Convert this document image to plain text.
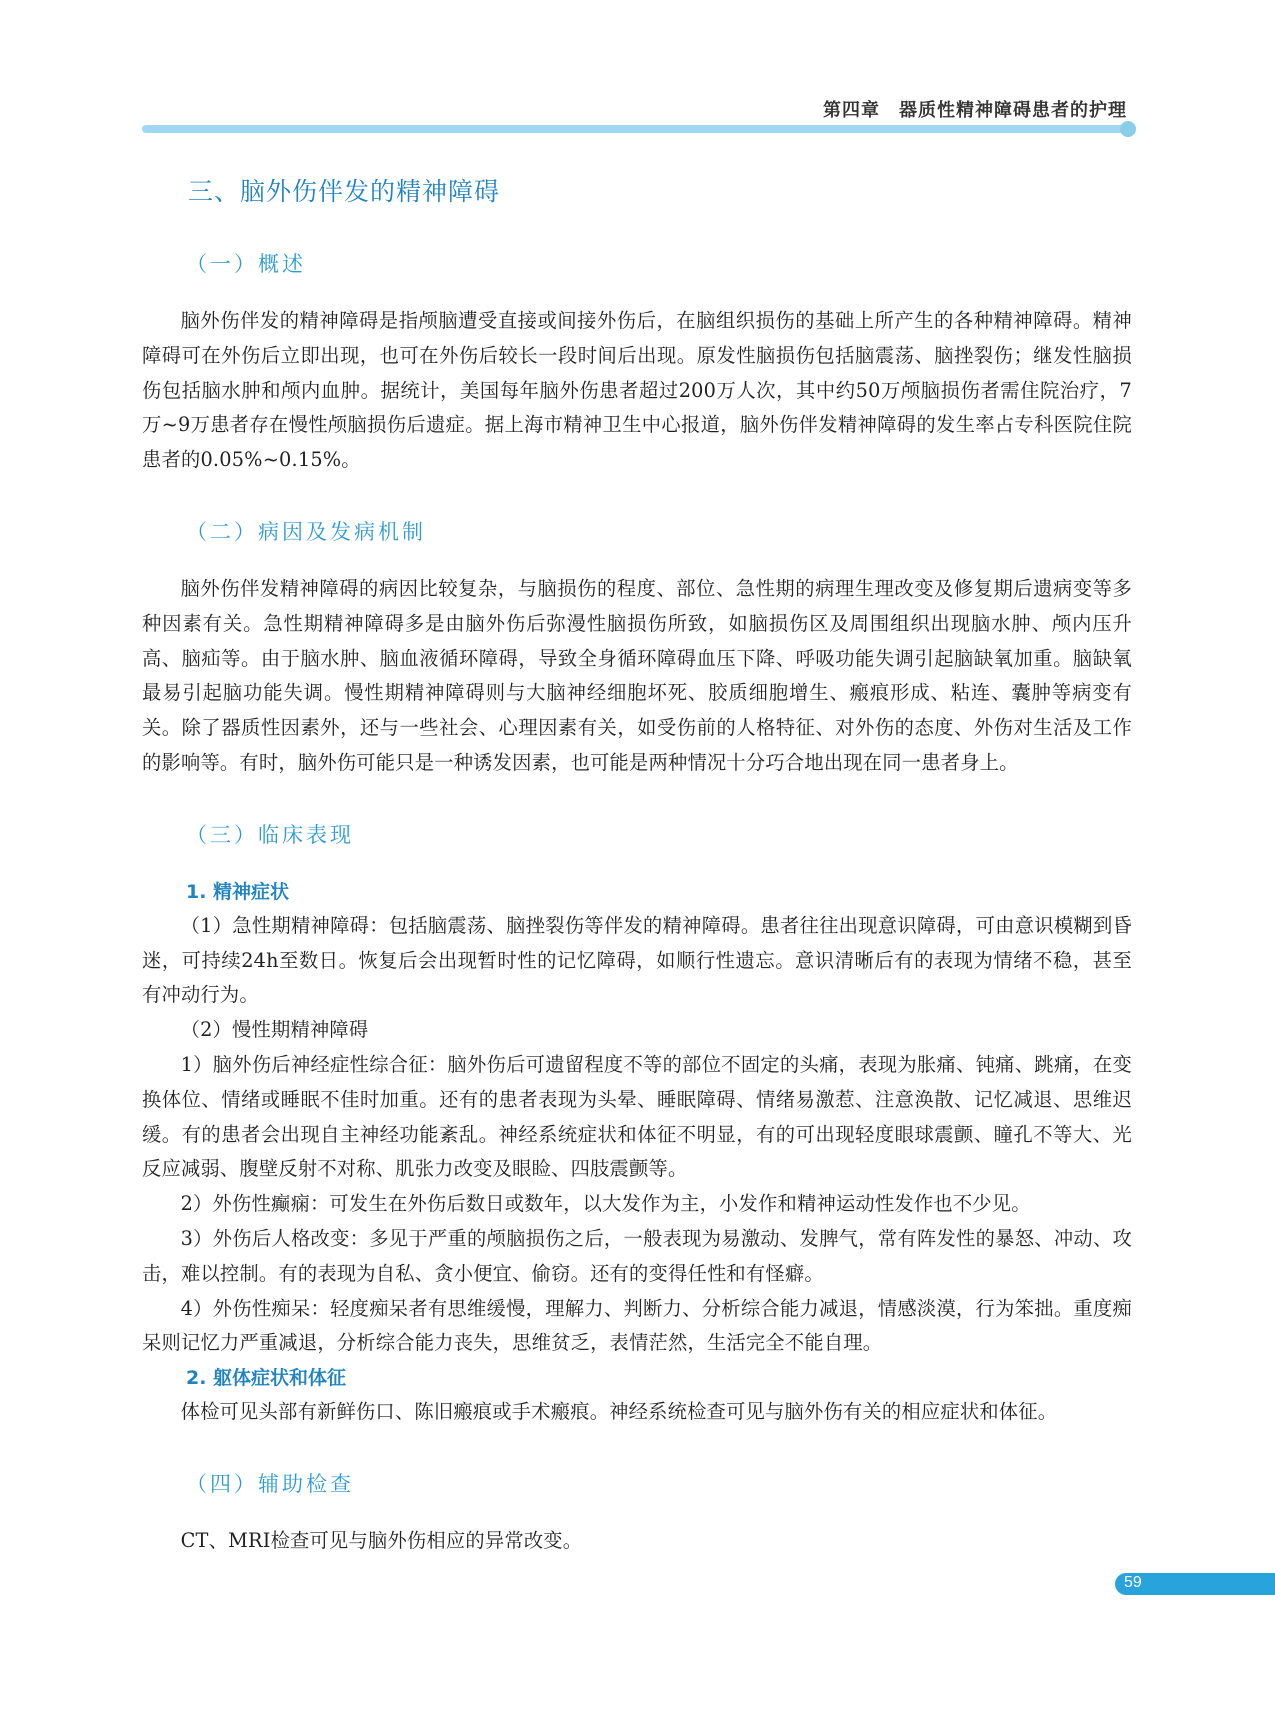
第四章　器质性精神障碍患者的护理
三、脑外伤伴发的精神障碍
（一）概述

脑外伤伴发的精神障碍是指颅脑遭受直接或间接外伤后，在脑组织损伤的基础上所产生的各种精神障碍。精神障碍可在外伤后立即出现，也可在外伤后较长一段时间后出现。原发性脑损伤包括脑震荡、脑挫裂伤；继发性脑损伤包括脑水肿和颅内血肿。据统计，美国每年脑外伤患者超过200万人次，其中约50万颅脑损伤者需住院治疗，7万~9万患者存在慢性颅脑损伤后遗症。据上海市精神卫生中心报道，脑外伤伴发精神障碍的发生率占专科医院住院患者的0.05%~0.15%。

（二）病因及发病机制

脑外伤伴发精神障碍的病因比较复杂，与脑损伤的程度、部位、急性期的病理生理改变及修复期后遗病变等多种因素有关。急性期精神障碍多是由脑外伤后弥漫性脑损伤所致，如脑损伤区及周围组织出现脑水肿、颅内压升高、脑疝等。由于脑水肿、脑血液循环障碍，导致全身循环障碍血压下降、呼吸功能失调引起脑缺氧加重。脑缺氧最易引起脑功能失调。慢性期精神障碍则与大脑神经细胞坏死、胶质细胞增生、瘢痕形成、粘连、囊肿等病变有关。除了器质性因素外，还与一些社会、心理因素有关，如受伤前的人格特征、对外伤的态度、外伤对生活及工作的影响等。有时，脑外伤可能只是一种诱发因素，也可能是两种情况十分巧合地出现在同一患者身上。

（三）临床表现
1. 精神症状

（1）急性期精神障碍：包括脑震荡、脑挫裂伤等伴发的精神障碍。患者往往出现意识障碍，可由意识模糊到昏迷，可持续24h至数日。恢复后会出现暂时性的记忆障碍，如顺行性遗忘。意识清晰后有的表现为情绪不稳，甚至有冲动行为。

（2）慢性期精神障碍

1）脑外伤后神经症性综合征：脑外伤后可遗留程度不等的部位不固定的头痛，表现为胀痛、钝痛、跳痛，在变换体位、情绪或睡眠不佳时加重。还有的患者表现为头晕、睡眠障碍、情绪易激惹、注意涣散、记忆减退、思维迟缓。有的患者会出现自主神经功能紊乱。神经系统症状和体征不明显，有的可出现轻度眼球震颤、瞳孔不等大、光反应减弱、腹壁反射不对称、肌张力改变及眼睑、四肢震颤等。

2）外伤性癫痫：可发生在外伤后数日或数年，以大发作为主，小发作和精神运动性发作也不少见。

3）外伤后人格改变：多见于严重的颅脑损伤之后，一般表现为易激动、发脾气，常有阵发性的暴怒、冲动、攻击，难以控制。有的表现为自私、贪小便宜、偷窃。还有的变得任性和有怪癖。

4）外伤性痴呆：轻度痴呆者有思维缓慢，理解力、判断力、分析综合能力减退，情感淡漠，行为笨拙。重度痴呆则记忆力严重减退，分析综合能力丧失，思维贫乏，表情茫然，生活完全不能自理。

2. 躯体症状和体征

体检可见头部有新鲜伤口、陈旧瘢痕或手术瘢痕。神经系统检查可见与脑外伤有关的相应症状和体征。

（四）辅助检查

CT、MRI检查可见与脑外伤相应的异常改变。

59
